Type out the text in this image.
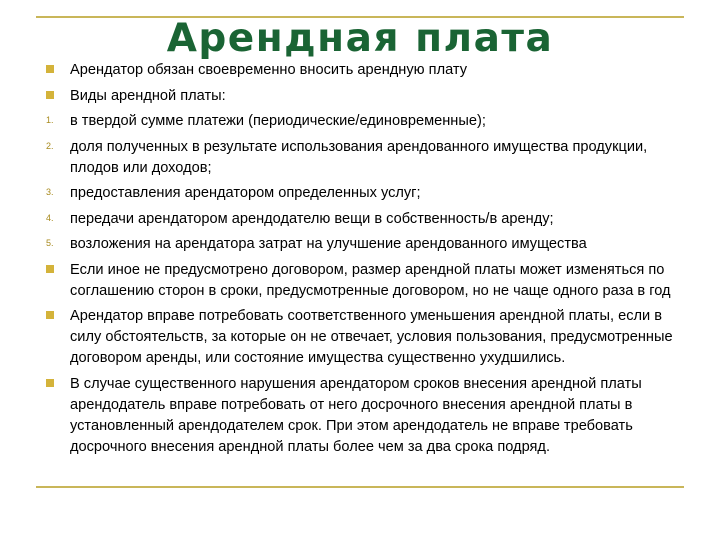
Арендная плата
Арендатор обязан своевременно вносить арендную плату
Виды арендной платы:
1. в твердой сумме платежи (периодические/единовременные);
2. доля полученных в результате использования арендованного имущества продукции, плодов или доходов;
3. предоставления арендатором определенных услуг;
4. передачи арендатором арендодателю вещи в собственность/в аренду;
5. возложения на арендатора затрат на улучшение арендованного имущества
Если иное не предусмотрено договором, размер арендной платы может изменяться по соглашению сторон в сроки, предусмотренные договором, но не чаще одного раза в год
Арендатор вправе потребовать соответственного уменьшения арендной платы, если в силу обстоятельств, за которые он не отвечает, условия пользования, предусмотренные договором аренды, или состояние имущества существенно ухудшились.
В случае существенного нарушения арендатором сроков внесения арендной платы арендодатель вправе потребовать от него досрочного внесения арендной платы в установленный арендодателем срок. При этом арендодатель не вправе требовать досрочного внесения арендной платы более чем за два срока подряд.
